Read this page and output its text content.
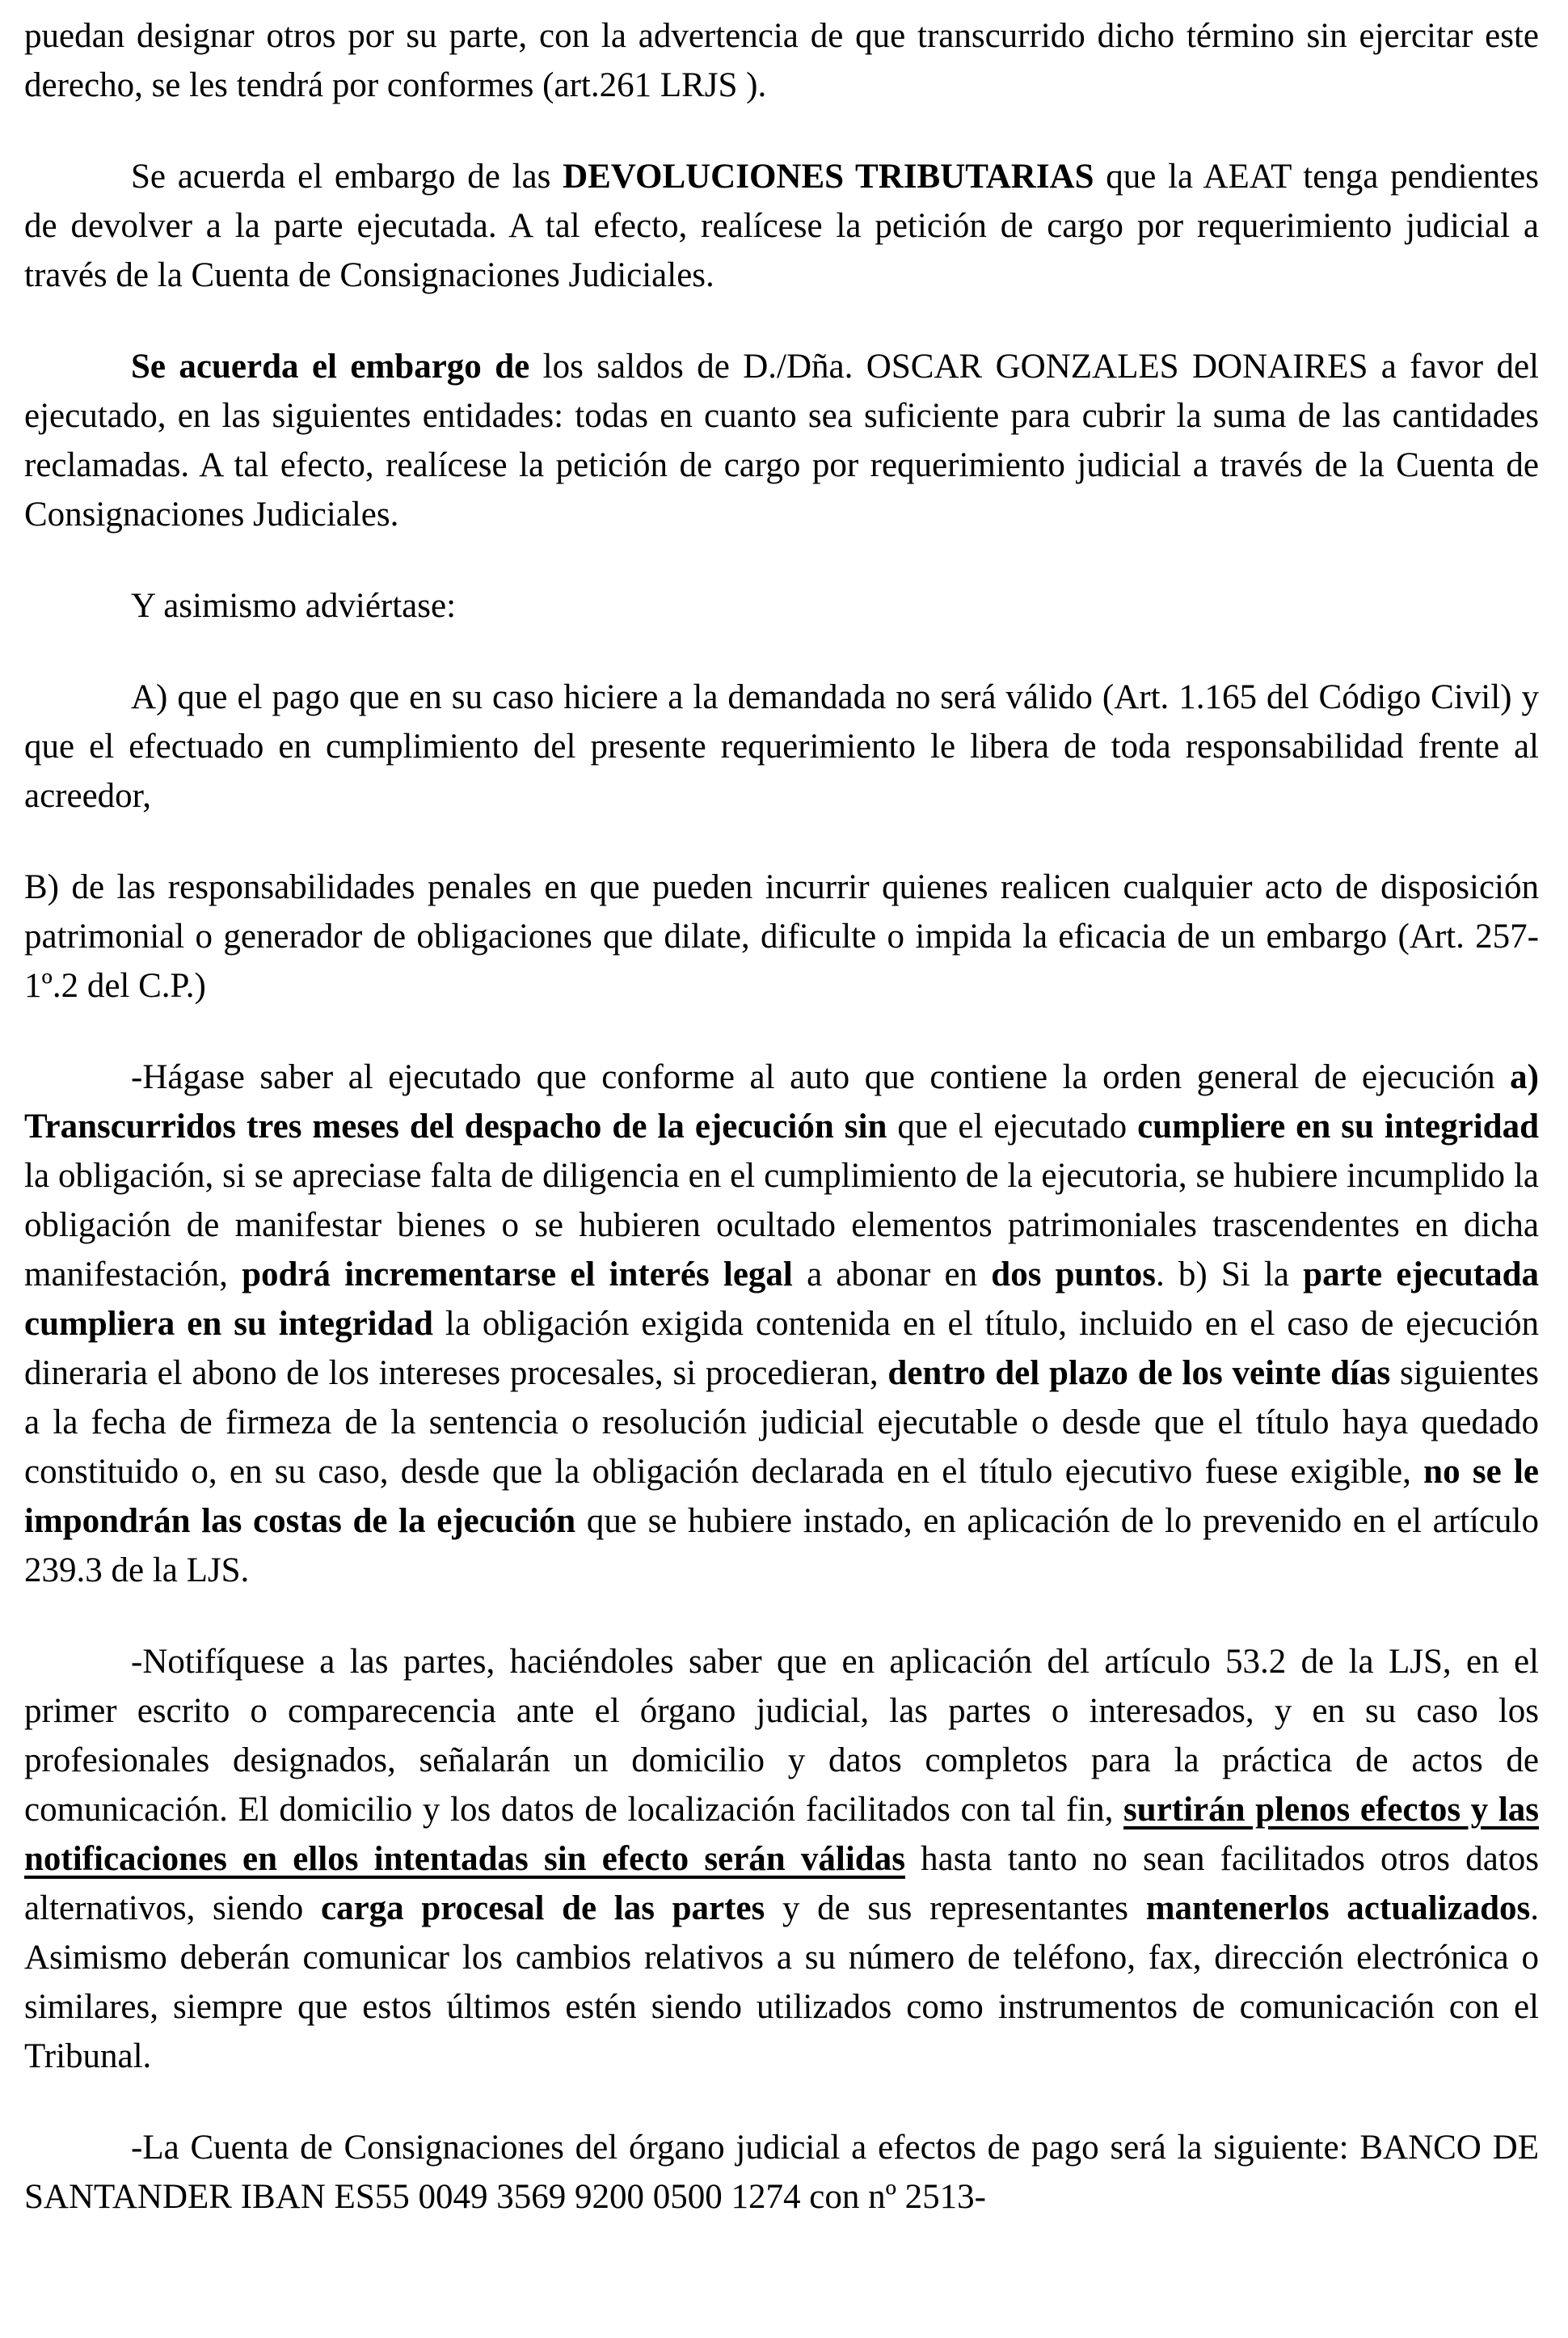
puedan designar otros por su parte, con la advertencia de que transcurrido dicho término sin ejercitar este derecho, se les tendrá por conformes (art.261 LRJS ).

Se acuerda el embargo de las DEVOLUCIONES TRIBUTARIAS que la AEAT tenga pendientes de devolver a la parte ejecutada. A tal efecto, realícese la petición de cargo por requerimiento judicial a través de la Cuenta de Consignaciones Judiciales.

Se acuerda el embargo de los saldos de D./Dña. OSCAR GONZALES DONAIRES a favor del ejecutado, en las siguientes entidades: todas en cuanto sea suficiente para cubrir la suma de las cantidades reclamadas. A tal efecto, realícese la petición de cargo por requerimiento judicial a través de la Cuenta de Consignaciones Judiciales.

Y asimismo adviértase:

A) que el pago que en su caso hiciere a la demandada no será válido (Art. 1.165 del Código Civil) y que el efectuado en cumplimiento del presente requerimiento le libera de toda responsabilidad frente al acreedor,

B) de las responsabilidades penales en que pueden incurrir quienes realicen cualquier acto de disposición patrimonial o generador de obligaciones que dilate, dificulte o impida la eficacia de un embargo (Art. 257-1º.2 del C.P.)

-Hágase saber al ejecutado que conforme al auto que contiene la orden general de ejecución a) Transcurridos tres meses del despacho de la ejecución sin que el ejecutado cumpliere en su integridad la obligación, si se apreciase falta de diligencia en el cumplimiento de la ejecutoria, se hubiere incumplido la obligación de manifestar bienes o se hubieren ocultado elementos patrimoniales trascendentes en dicha manifestación, podrá incrementarse el interés legal a abonar en dos puntos. b) Si la parte ejecutada cumpliera en su integridad la obligación exigida contenida en el título, incluido en el caso de ejecución dineraria el abono de los intereses procesales, si procedieran, dentro del plazo de los veinte días siguientes a la fecha de firmeza de la sentencia o resolución judicial ejecutable o desde que el título haya quedado constituido o, en su caso, desde que la obligación declarada en el título ejecutivo fuese exigible, no se le impondrán las costas de la ejecución que se hubiere instado, en aplicación de lo prevenido en el artículo 239.3 de la LJS.

-Notifíquese a las partes, haciéndoles saber que en aplicación del artículo 53.2 de la LJS, en el primer escrito o comparecencia ante el órgano judicial, las partes o interesados, y en su caso los profesionales designados, señalarán un domicilio y datos completos para la práctica de actos de comunicación. El domicilio y los datos de localización facilitados con tal fin, surtirán plenos efectos y las notificaciones en ellos intentadas sin efecto serán válidas hasta tanto no sean facilitados otros datos alternativos, siendo carga procesal de las partes y de sus representantes mantenerlos actualizados. Asimismo deberán comunicar los cambios relativos a su número de teléfono, fax, dirección electrónica o similares, siempre que estos últimos estén siendo utilizados como instrumentos de comunicación con el Tribunal.

-La Cuenta de Consignaciones del órgano judicial a efectos de pago será la siguiente: BANCO DE SANTANDER IBAN ES55 0049 3569 9200 0500 1274 con nº 2513-
